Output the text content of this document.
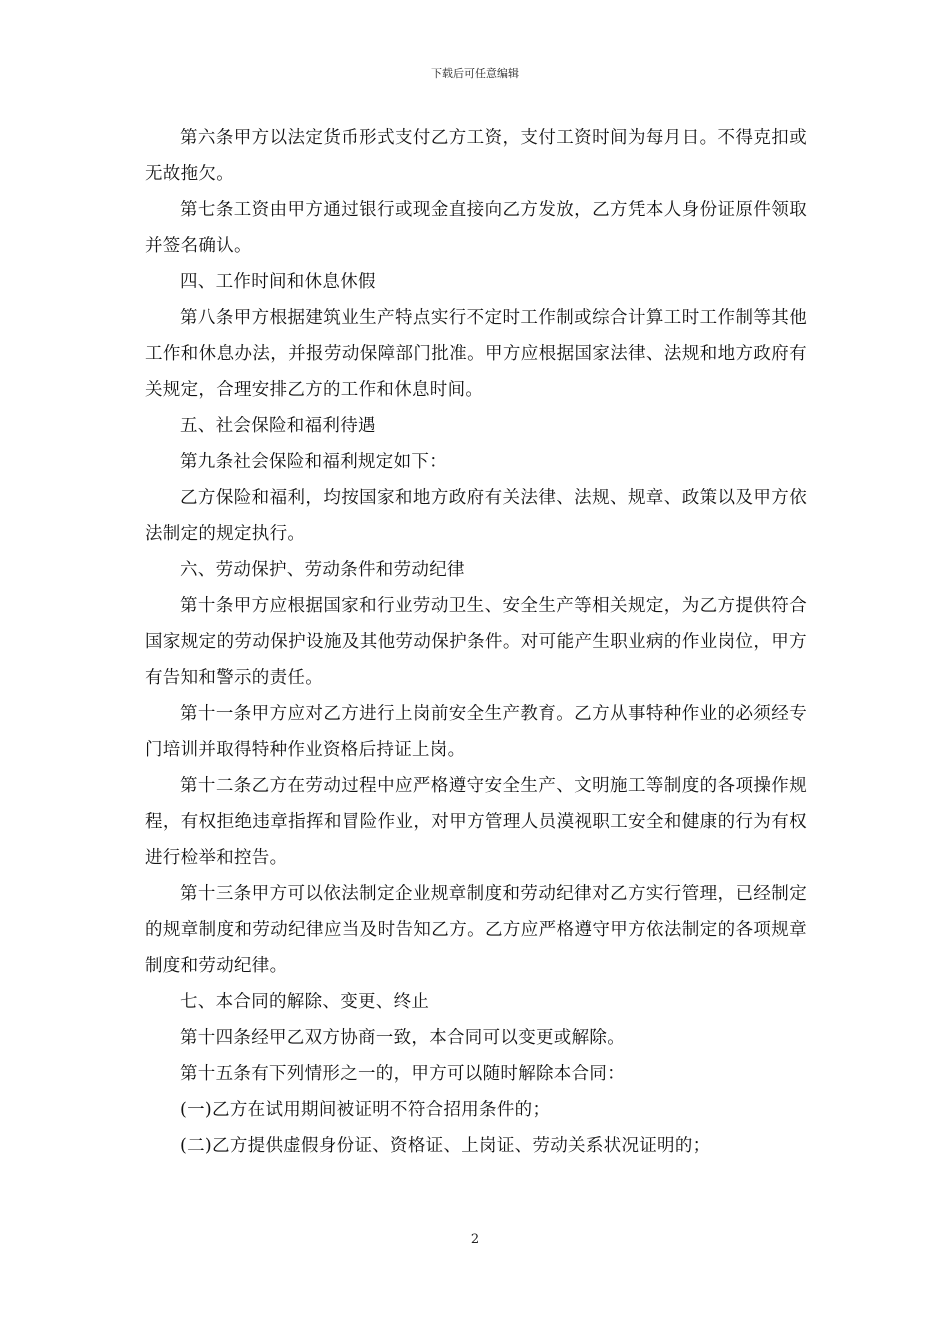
下载后可任意编辑

第六条甲方以法定货币形式支付乙方工资，支付工资时间为每月日。不得克扣或无故拖欠。

第七条工资由甲方通过银行或现金直接向乙方发放，乙方凭本人身份证原件领取并签名确认。

四、工作时间和休息休假

第八条甲方根据建筑业生产特点实行不定时工作制或综合计算工时工作制等其他工作和休息办法，并报劳动保障部门批准。甲方应根据国家法律、法规和地方政府有关规定，合理安排乙方的工作和休息时间。

五、社会保险和福利待遇

第九条社会保险和福利规定如下：

乙方保险和福利，均按国家和地方政府有关法律、法规、规章、政策以及甲方依法制定的规定执行。

六、劳动保护、劳动条件和劳动纪律

第十条甲方应根据国家和行业劳动卫生、安全生产等相关规定，为乙方提供符合国家规定的劳动保护设施及其他劳动保护条件。对可能产生职业病的作业岗位，甲方有告知和警示的责任。

第十一条甲方应对乙方进行上岗前安全生产教育。乙方从事特种作业的必须经专门培训并取得特种作业资格后持证上岗。

第十二条乙方在劳动过程中应严格遵守安全生产、文明施工等制度的各项操作规程，有权拒绝违章指挥和冒险作业，对甲方管理人员漠视职工安全和健康的行为有权进行检举和控告。

第十三条甲方可以依法制定企业规章制度和劳动纪律对乙方实行管理，已经制定的规章制度和劳动纪律应当及时告知乙方。乙方应严格遵守甲方依法制定的各项规章制度和劳动纪律。

七、本合同的解除、变更、终止

第十四条经甲乙双方协商一致，本合同可以变更或解除。

第十五条有下列情形之一的，甲方可以随时解除本合同：

(一)乙方在试用期间被证明不符合招用条件的；

(二)乙方提供虚假身份证、资格证、上岗证、劳动关系状况证明的；

2
